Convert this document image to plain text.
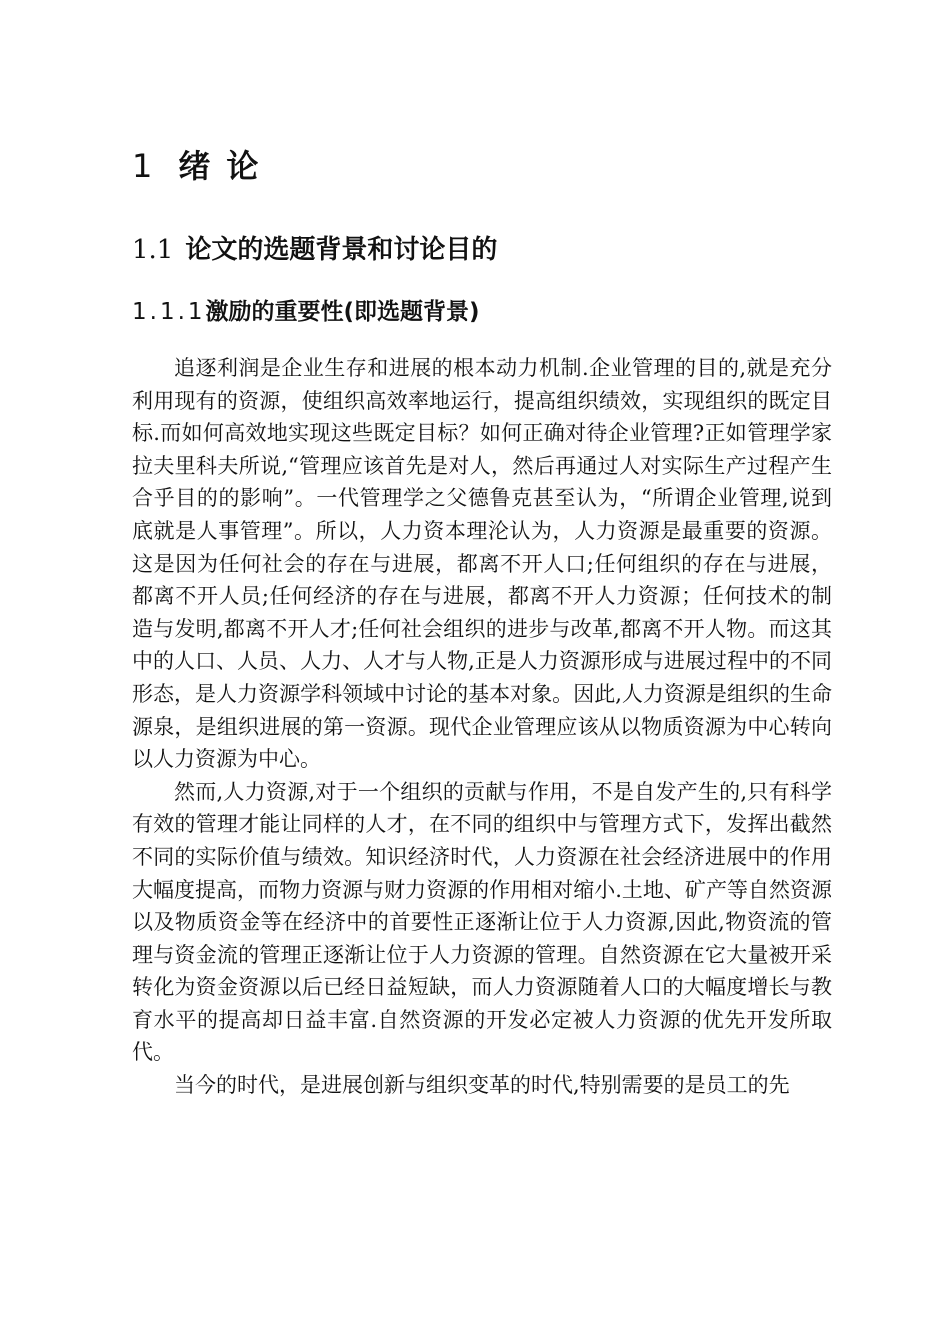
1 绪 论
1.1 论文的选题背景和讨论目的
1.1.1激励的重要性(即选题背景)

追逐利润是企业生存和进展的根本动力机制.企业管理的目的,就是充分利用现有的资源，使组织高效率地运行，提高组织绩效，实现组织的既定目标.而如何高效地实现这些既定目标？如何正确对待企业管理?正如管理学家拉夫里科夫所说,“管理应该首先是对人，然后再通过人对实际生产过程产生合乎目的的影响”。一代管理学之父德鲁克甚至认为，“所谓企业管理,说到底就是人事管理”。所以，人力资本理沦认为，人力资源是最重要的资源。这是因为任何社会的存在与进展，都离不开人口;任何组织的存在与进展，都离不开人员;任何经济的存在与进展，都离不开人力资源；任何技术的制造与发明,都离不开人才;任何社会组织的进步与改革,都离不开人物。而这其中的人口、人员、人力、人才与人物,正是人力资源形成与进展过程中的不同形态，是人力资源学科领域中讨论的基本对象。因此,人力资源是组织的生命源泉，是组织进展的第一资源。现代企业管理应该从以物质资源为中心转向以人力资源为中心。

然而,人力资源,对于一个组织的贡献与作用，不是自发产生的,只有科学有效的管理才能让同样的人才，在不同的组织中与管理方式下，发挥出截然不同的实际价值与绩效。知识经济时代，人力资源在社会经济进展中的作用大幅度提高，而物力资源与财力资源的作用相对缩小.土地、矿产等自然资源以及物质资金等在经济中的首要性正逐渐让位于人力资源,因此,物资流的管理与资金流的管理正逐渐让位于人力资源的管理。自然资源在它大量被开采转化为资金资源以后已经日益短缺，而人力资源随着人口的大幅度增长与教育水平的提高却日益丰富.自然资源的开发必定被人力资源的优先开发所取代。

当今的时代，是进展创新与组织变革的时代,特别需要的是员工的先
